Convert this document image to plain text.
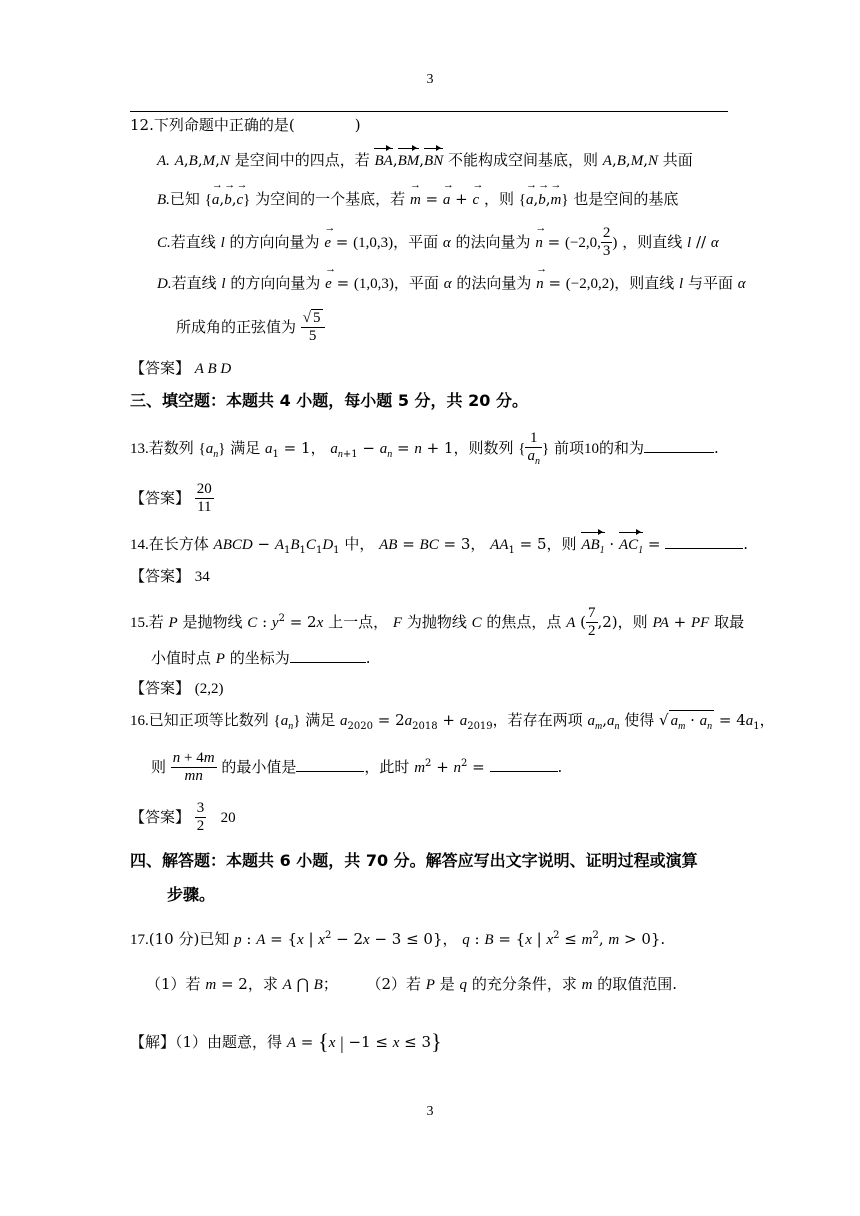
3
12.下列命题中正确的是(　　　　)
A. A,B,M,N 是空间中的四点，若 BA,BM,BN 不能构成空间基底，则 A,B,M,N 共面
B.已知 {→ a,→ b,→ c} 为空间的一个基底，若 → m = → a + → c ，则 {→ a,→ b,→ m} 也是空间的基底
C.若直线 l 的方向向量为 → e = (1,0,3)，平面 α 的法向量为 → n = (−2,0, $\frac{2}{3}$ ) ，则直线 l // α
D.若直线 l 的方向向量为 → e = (1,0,3)，平面 α 的法向量为 → n = (−2,0,2)，则直线 l 与平面 α
所成角的正弦值为 $\frac{√ 5}{5}$
【答案】 A B D
三、填空题：本题共 4 小题，每小题 5 分，共 20 分。
13.若数列 $\{a_n\}$ 满足 $a_1 = 1$， $a_{n+1} - a_n = n + 1$，则数列 { $\frac{1}{a_n}$ } 前项10的和为	.
【答案】 $\frac{20}{11}$
14.在长方体 ABCD − $A_1B_1C_1D_1$ 中， AB = BC = 3， $AA_1 = 5$，则 $AB_1 \cdot AC_1$ =	.
【答案】 34
15.若 P 是抛物线 C : $y^2 = 2x$ 上一点， F 为抛物线 C 的焦点，点 A ( $\frac{7}{2} ,2$)，则 PA + PF 取最
小值时点 P 的坐标为	.
【答案】 (2,2)
16.已知正项等比数列 $\{a_n\}$ 满足 $a_{2020} = 2a_{2018} + a_{2019}$，若存在两项 $a_m,a_n$ 使得 √ $a_m \cdot a_n = 4a_1$，
则 $\frac{n + 4m}{mn}$ 的最小值是	，此时 $m^2 + n^2$ =	.
【答案】 $\frac{3}{2} 20$
四、解答题：本题共 6 小题，共 70 分。解答应写出文字说明、证明过程或演算
步骤。
17.(10 分)已知 p : A = {x | $x^2 - 2x - 3 \le 0$}， q : B = {x | $x^2 \le m^2$, m > 0}.
（1）若 m = 2，求 A ⋂ B；      （2）若 P 是 q 的充分条件，求 m 的取值范围.
【解】（1）由题意，得 A = {x | −1 ≤ x ≤ 3}
3
